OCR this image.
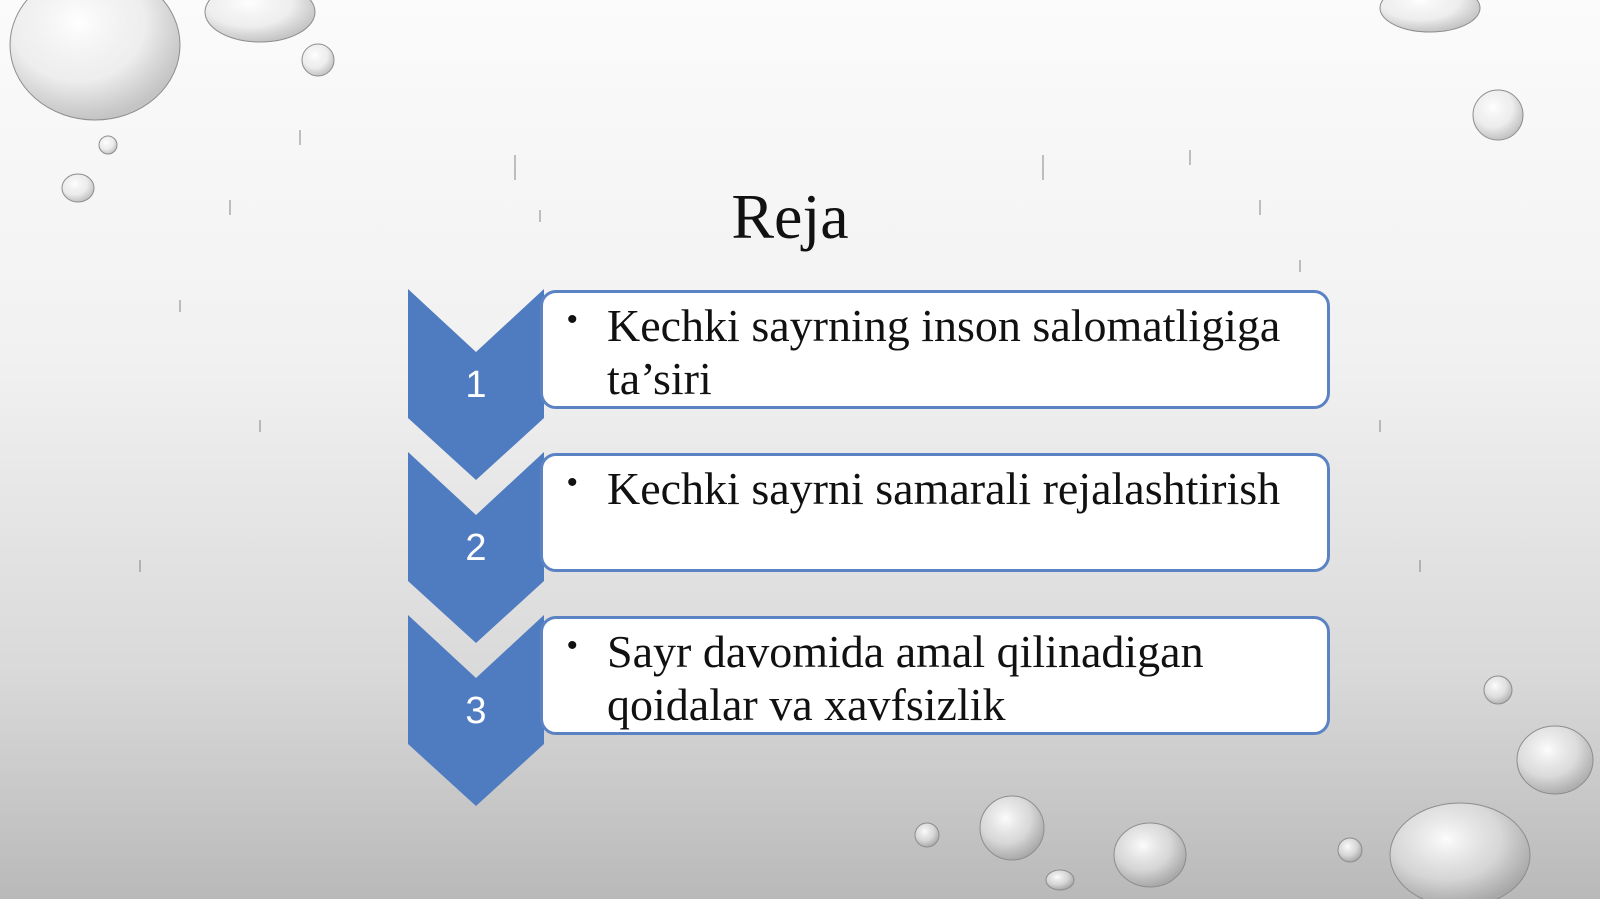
Reja
1
2
3
• Kechki sayrning inson salomatligiga ta’siri
• Kechki sayrni samarali rejalashtirish
• Sayr davomida amal qilinadigan qoidalar va xavfsizlik
